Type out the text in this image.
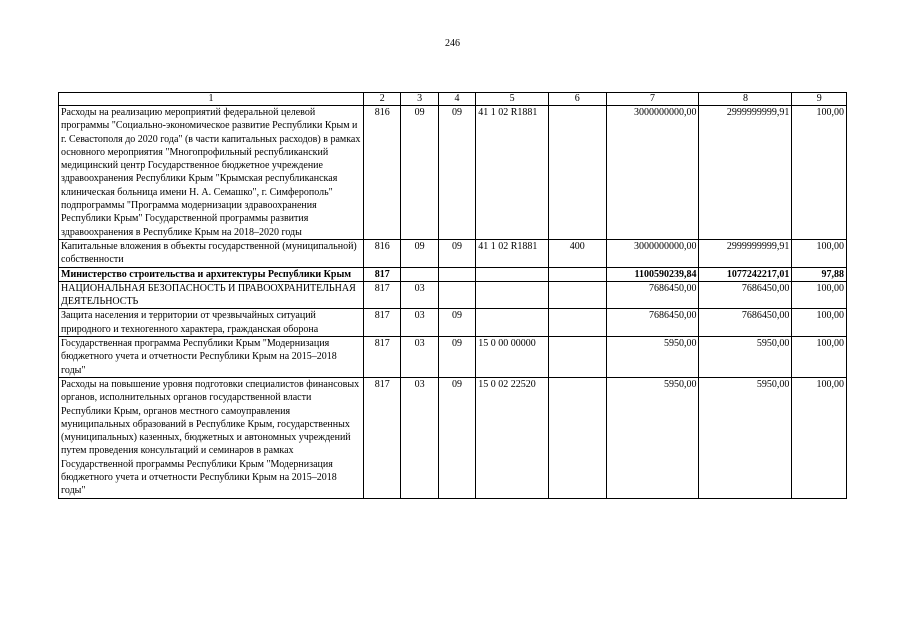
246
1	2	3	4	5	6	7	8	9
Расходы на реализацию мероприятий федеральной целевой программы "Социально-экономическое развитие Республики Крым и г. Севастополя до 2020 года" (в части капитальных расходов) в рамках основного мероприятия "Многопрофильный республиканский медицинский центр Государственное бюджетное учреждение здравоохранения Республики Крым "Крымская республиканская клиническая больница имени Н. А. Семашко", г. Симферополь" подпрограммы "Программа модернизации здравоохранения Республики Крым" Государственной программы развития здравоохранения в Республике Крым на 2018–2020 годы	816	09	09	41 1 02 R1881		3000000000,00	2999999999,91	100,00
Капитальные вложения в объекты государственной (муниципальной) собственности	816	09	09	41 1 02 R1881	400	3000000000,00	2999999999,91	100,00
Министерство строительства и архитектуры Республики Крым	817					1100590239,84	1077242217,01	97,88
НАЦИОНАЛЬНАЯ БЕЗОПАСНОСТЬ И ПРАВООХРАНИТЕЛЬНАЯ ДЕЯТЕЛЬНОСТЬ	817	03				7686450,00	7686450,00	100,00
Защита населения и территории от чрезвычайных ситуаций природного и техногенного характера, гражданская оборона	817	03	09			7686450,00	7686450,00	100,00
Государственная программа Республики Крым "Модернизация бюджетного учета и отчетности Республики Крым на 2015–2018 годы"	817	03	09	15 0 00 00000		5950,00	5950,00	100,00
Расходы на повышение уровня подготовки специалистов финансовых органов, исполнительных органов государственной власти Республики Крым, органов местного самоуправления муниципальных образований в Республике Крым, государственных (муниципальных) казенных, бюджетных и автономных учреждений путем проведения консультаций и семинаров в рамках Государственной программы Республики Крым "Модернизация бюджетного учета и отчетности Республики Крым на 2015–2018 годы"	817	03	09	15 0 02 22520		5950,00	5950,00	100,00
